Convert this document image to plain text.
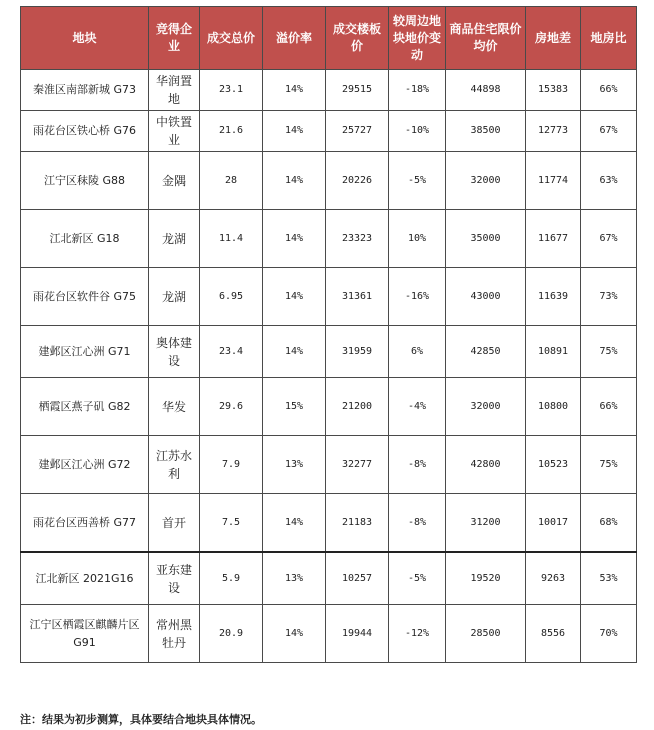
地块	竞得企业	成交总价	溢价率	成交楼板价	较周边地块地价变动	商品住宅限价均价	房地差	地房比
秦淮区南部新城 G73	华润置地	23.1	14%	29515	-18%	44898	15383	66%
雨花台区铁心桥 G76	中铁置业	21.6	14%	25727	-10%	38500	12773	67%
江宁区秣陵 G88	金隅	28	14%	20226	-5%	32000	11774	63%
江北新区 G18	龙湖	11.4	14%	23323	10%	35000	11677	67%
雨花台区软件谷 G75	龙湖	6.95	14%	31361	-16%	43000	11639	73%
建邺区江心洲 G71	奥体建设	23.4	14%	31959	6%	42850	10891	75%
栖霞区燕子矶 G82	华发	29.6	15%	21200	-4%	32000	10800	66%
建邺区江心洲 G72	江苏水利	7.9	13%	32277	-8%	42800	10523	75%
雨花台区西善桥 G77	首开	7.5	14%	21183	-8%	31200	10017	68%
江北新区 2021G16	亚东建设	5.9	13%	10257	-5%	19520	9263	53%
江宁区栖霞区麒麟片区 G91	常州黑牡丹	20.9	14%	19944	-12%	28500	8556	70%
注：结果为初步测算，具体要结合地块具体情况。
